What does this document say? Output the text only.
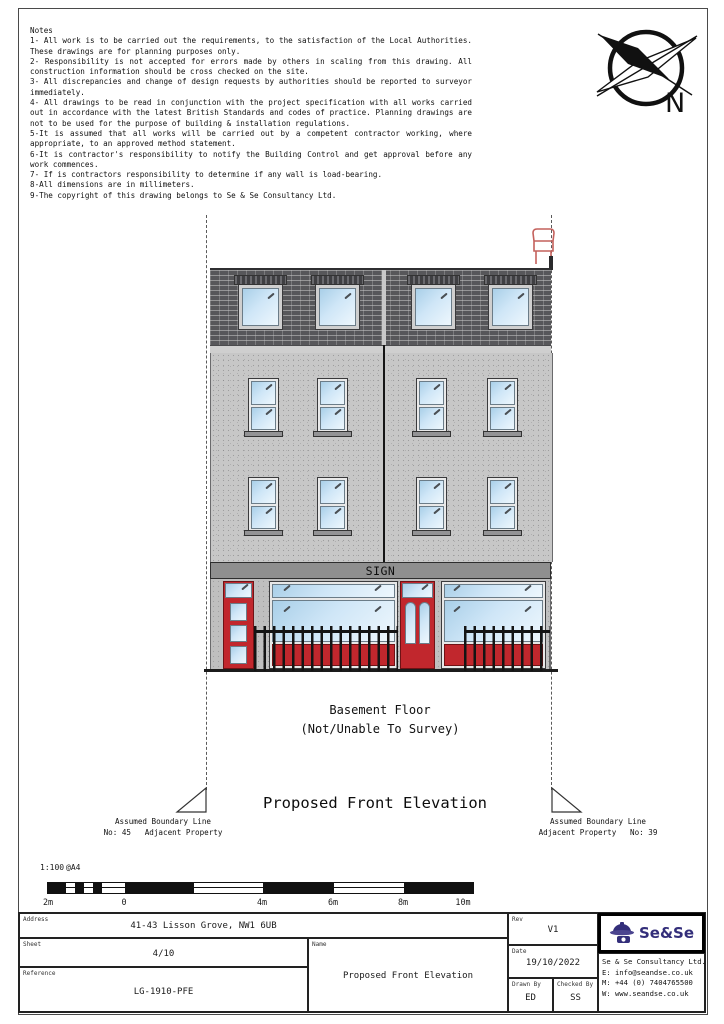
Notes
1- All work is to be carried out the requirements, to the satisfaction of the Local Authorities. These drawings are for planning purposes only.
2- Responsibility is not accepted for errors made by others in scaling from this drawing. All construction information should be cross checked on the site.
3- All discrepancies and change of design requests by authorities should be reported to surveyor immediately.
4- All drawings to be read in conjunction with the project specification with all works carried out in accordance with the latest British Standards and codes of practice. Planning drawings are not to be used for the purpose of building & installation regulations.
5-It is assumed that all works will be carried out by a competent contractor working, where appropriate, to an approved method statement.
6-It is contractor's responsibility to notify the Building Control and get approval before any work commences.
7- If is contractors responsibility to determine if any wall is load-bearing.
8-All dimensions are in millimeters.
9-The copyright of this drawing belongs to Se & Se Consultancy Ltd.
N
SIGN
Basement Floor
(Not/Unable To Survey)
Assumed Boundary Line
No: 45   Adjacent Property
Assumed Boundary Line
Adjacent Property   No: 39
Proposed Front Elevation
1:100 @A4
2m	0	4m	6m	8m	10m
Address
41-43 Lisson Grove, NW1 6UB
Sheet
4/10
Reference
LG-1910-PFE
Name
Proposed Front Elevation
Rev
V1
Date
19/10/2022
Drawn By
ED
Checked By
SS
Se&Se
Se & Se Consultancy Ltd.
E: info@seandse.co.uk
M: +44 (0) 7404765500
W: www.seandse.co.uk
